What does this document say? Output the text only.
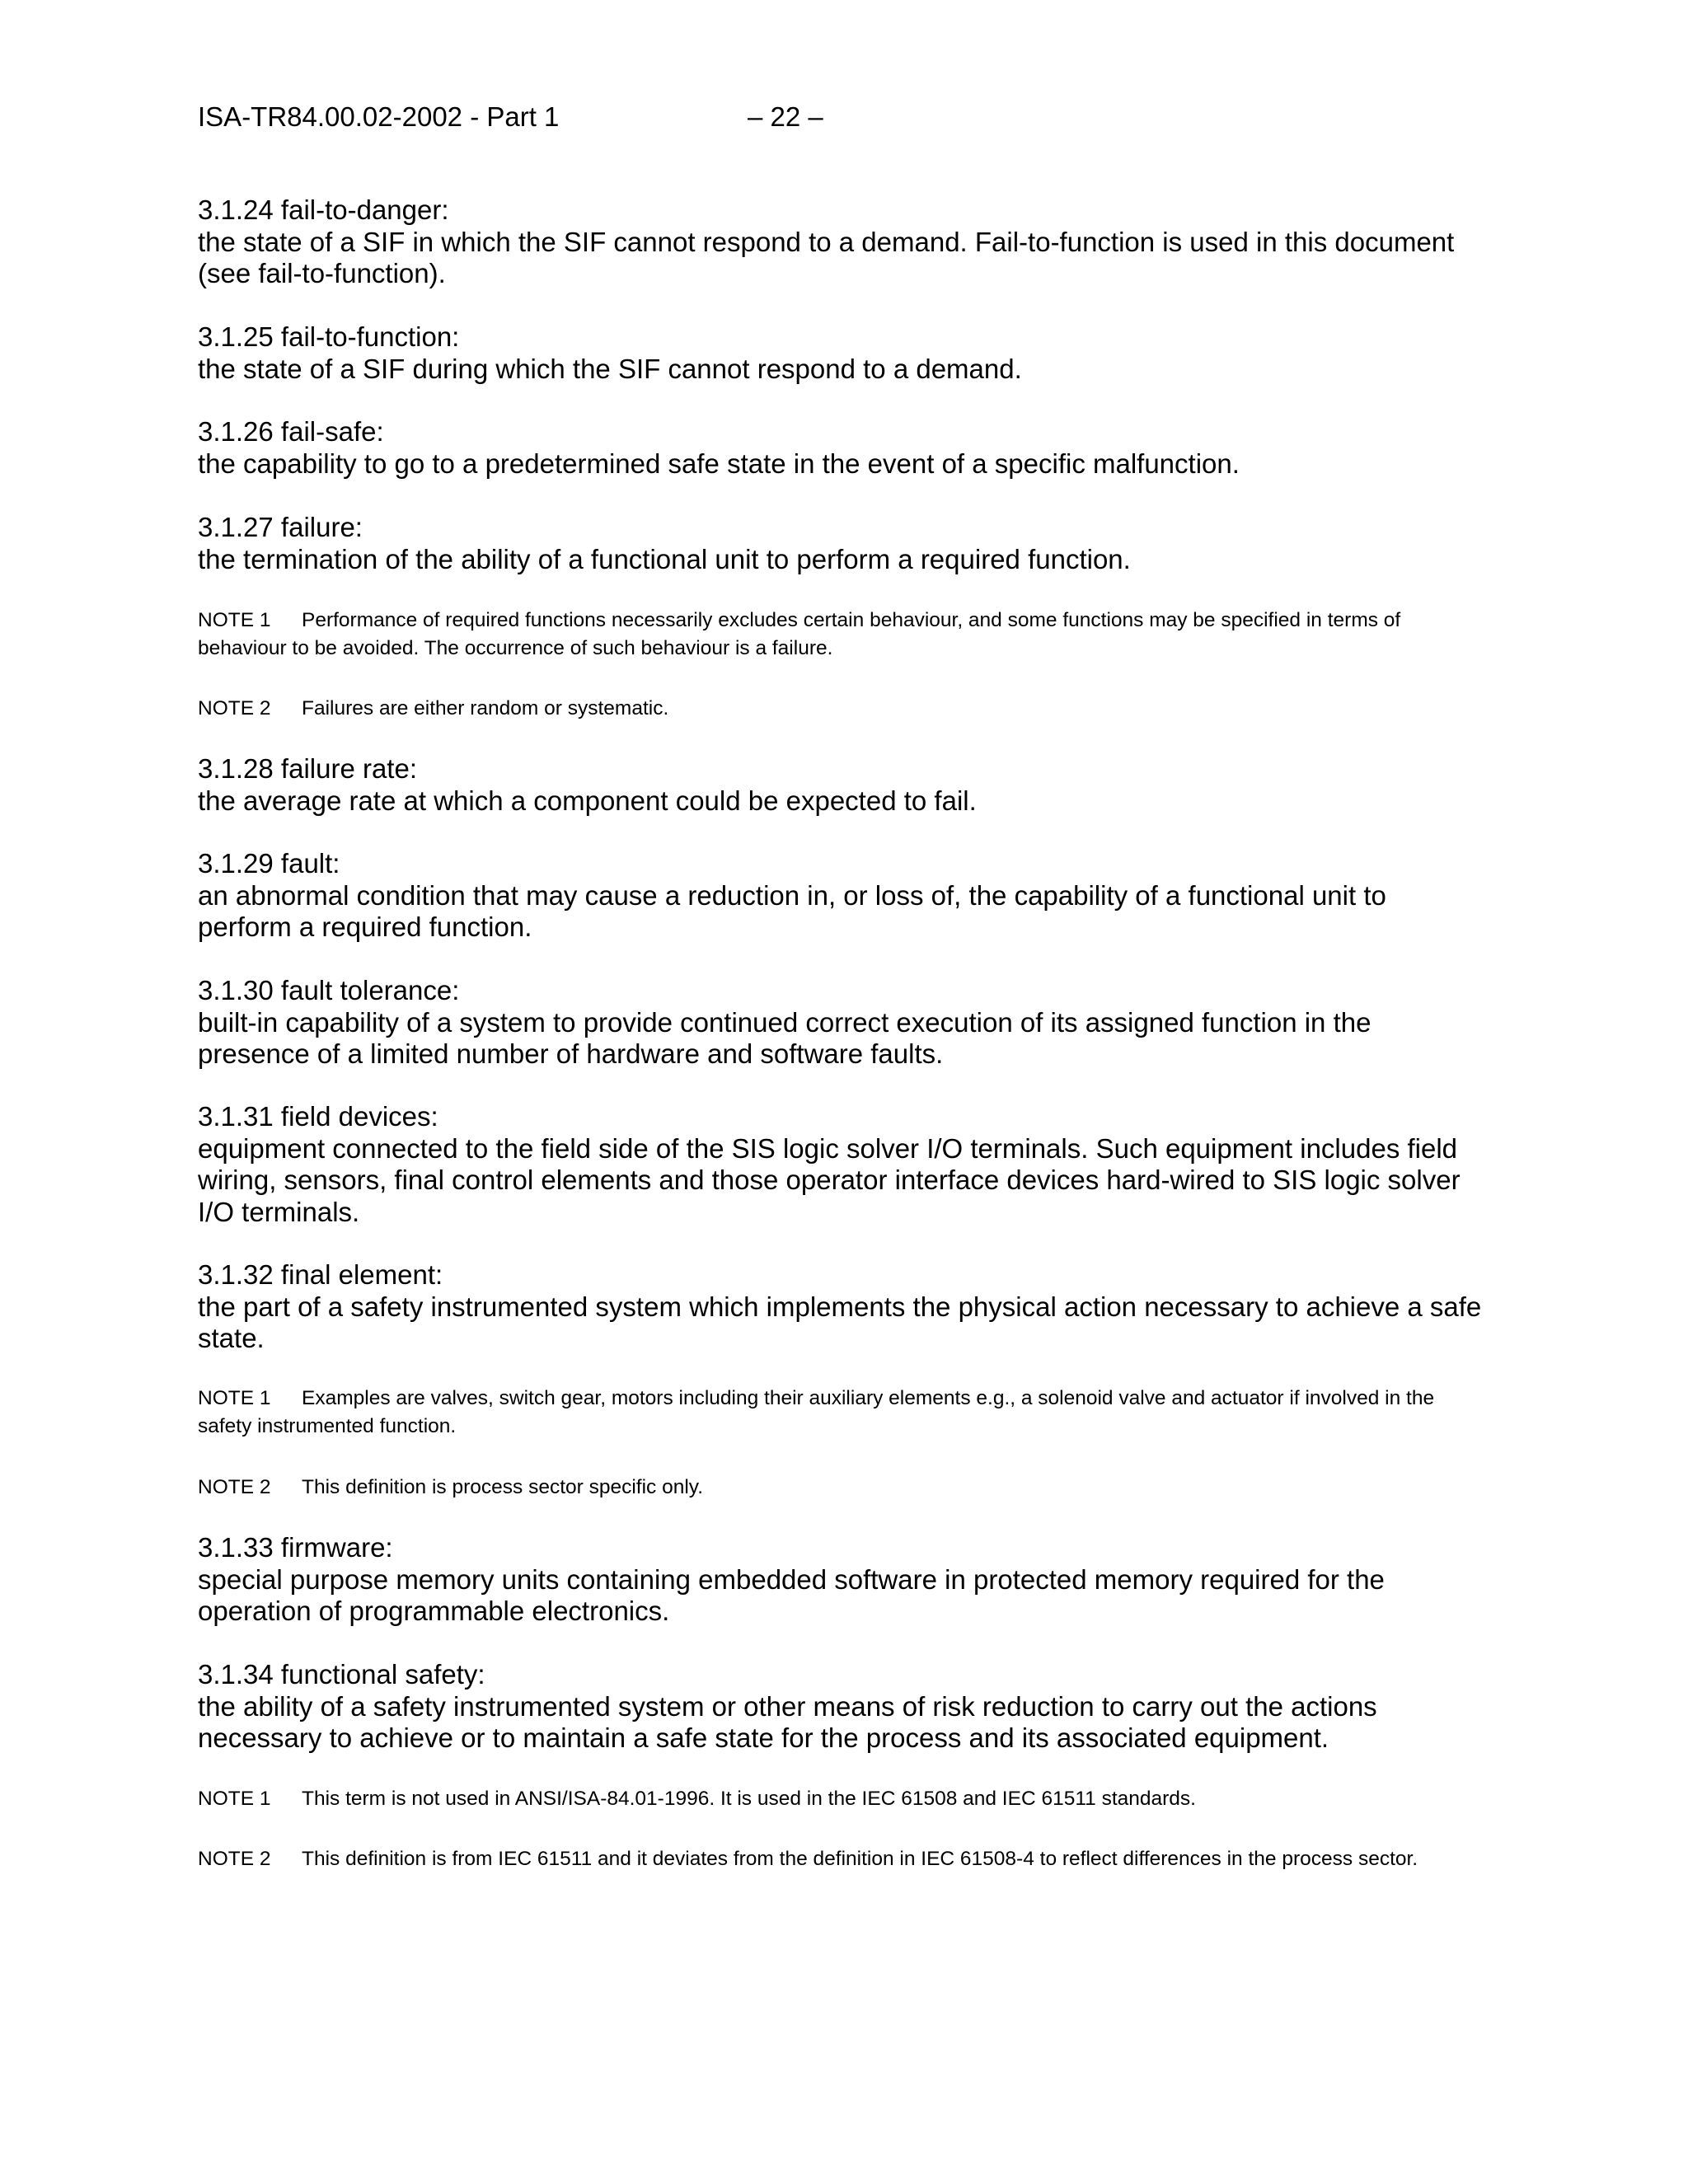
ISA-TR84.00.02-2002 - Part 1	– 22 –
3.1.24 fail-to-danger:
the state of a SIF in which the SIF cannot respond to a demand. Fail-to-function is used in this document (see fail-to-function).
3.1.25 fail-to-function:
the state of a SIF during which the SIF cannot respond to a demand.
3.1.26 fail-safe:
the capability to go to a predetermined safe state in the event of a specific malfunction.
3.1.27 failure:
the termination of the ability of a functional unit to perform a required function.

NOTE 1 Performance of required functions necessarily excludes certain behaviour, and some functions may be specified in terms of behaviour to be avoided. The occurrence of such behaviour is a failure.

NOTE 2 Failures are either random or systematic.

3.1.28 failure rate:
the average rate at which a component could be expected to fail.
3.1.29 fault:
an abnormal condition that may cause a reduction in, or loss of, the capability of a functional unit to perform a required function.
3.1.30 fault tolerance:
built-in capability of a system to provide continued correct execution of its assigned function in the presence of a limited number of hardware and software faults.
3.1.31 field devices:
equipment connected to the field side of the SIS logic solver I/O terminals. Such equipment includes field wiring, sensors, final control elements and those operator interface devices hard-wired to SIS logic solver I/O terminals.
3.1.32 final element:
the part of a safety instrumented system which implements the physical action necessary to achieve a safe state.

NOTE 1 Examples are valves, switch gear, motors including their auxiliary elements e.g., a solenoid valve and actuator if involved in the safety instrumented function.

NOTE 2 This definition is process sector specific only.

3.1.33 firmware:
special purpose memory units containing embedded software in protected memory required for the operation of programmable electronics.
3.1.34 functional safety:
the ability of a safety instrumented system or other means of risk reduction to carry out the actions necessary to achieve or to maintain a safe state for the process and its associated equipment.

NOTE 1 This term is not used in ANSI/ISA-84.01-1996. It is used in the IEC 61508 and IEC 61511 standards.

NOTE 2 This definition is from IEC 61511 and it deviates from the definition in IEC 61508-4 to reflect differences in the process sector.
